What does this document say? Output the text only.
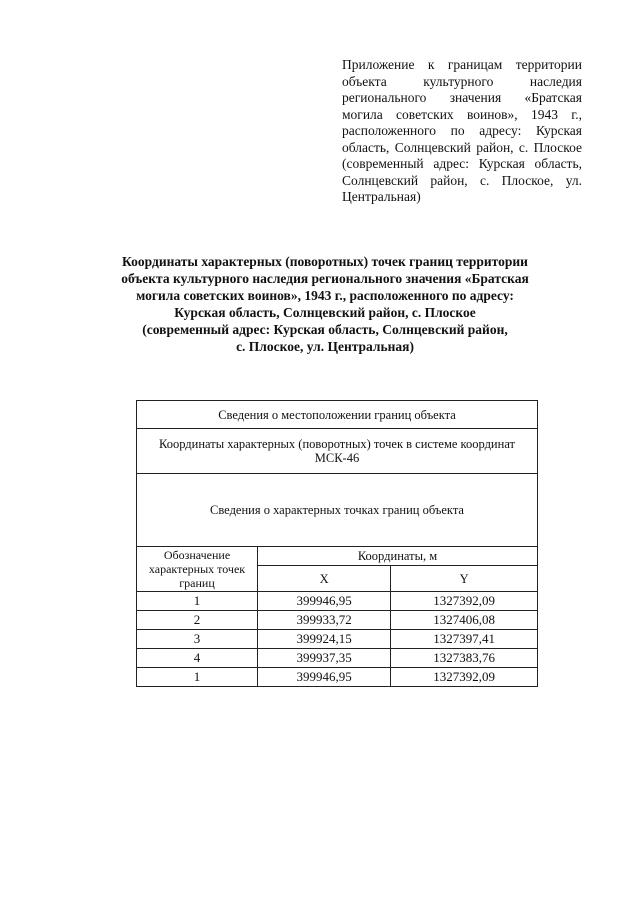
Приложение к границам территории объекта культурного наследия регионального значения «Братская могила советских воинов», 1943 г., расположенного по адресу: Курская область, Солнцевский район, с. Плоское (современный адрес: Курская область, Солнцевский район, с. Плоское, ул. Центральная)
Координаты характерных (поворотных) точек границ территории
объекта культурного наследия регионального значения «Братская
могила советских воинов», 1943 г., расположенного по адресу:
Курская область, Солнцевский район, с. Плоское
(современный адрес: Курская область, Солнцевский район,
с. Плоское, ул. Центральная)
Сведения о местоположении границ объекта		
Координаты характерных (поворотных) точек в системе координат МСК-46		
Сведения о характерных точках границ объекта		
Обозначение характерных точек границ	Координаты, м	
	X	Y
1	399946,95	1327392,09
2	399933,72	1327406,08
3	399924,15	1327397,41
4	399937,35	1327383,76
1	399946,95	1327392,09
